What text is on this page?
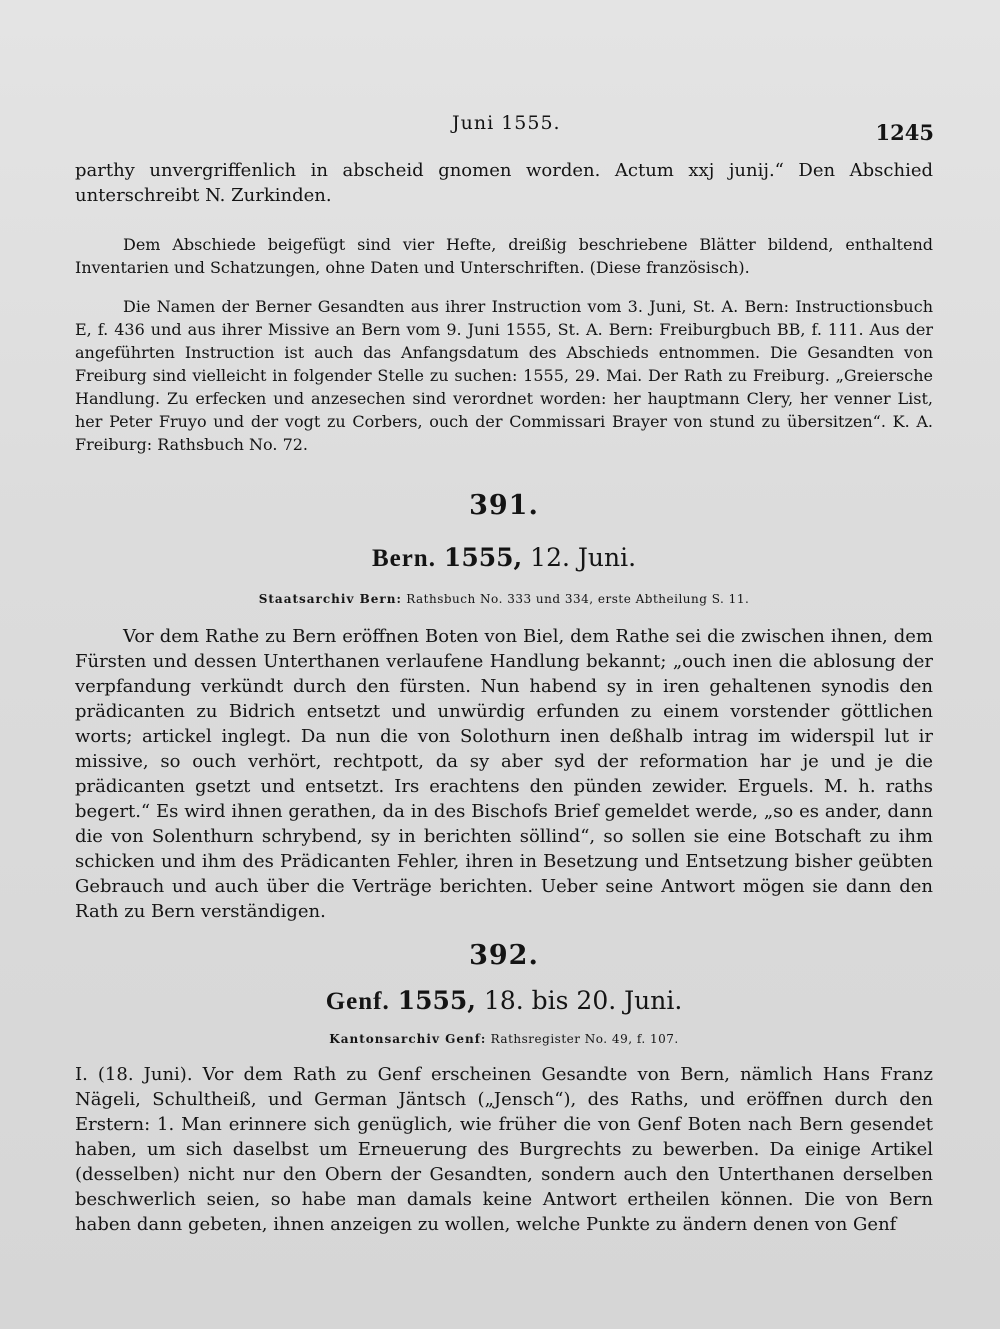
Juni 1555.	1245

parthy unvergriffenlich in abscheid gnomen worden. Actum xxj junij.“ Den Abschied unterschreibt N. Zurkinden.

Dem Abschiede beigefügt sind vier Hefte, dreißig beschriebene Blätter bildend, enthaltend Inventarien und Schatzungen, ohne Daten und Unterschriften. (Diese französisch).

Die Namen der Berner Gesandten aus ihrer Instruction vom 3. Juni, St. A. Bern: Instructionsbuch E, f. 436 und aus ihrer Missive an Bern vom 9. Juni 1555, St. A. Bern: Freiburgbuch BB, f. 111. Aus der angeführten Instruction ist auch das Anfangsdatum des Abschieds entnommen. Die Gesandten von Freiburg sind vielleicht in folgender Stelle zu suchen: 1555, 29. Mai. Der Rath zu Freiburg. „Greiersche Handlung. Zu erfecken und anzesechen sind verordnet worden: her hauptmann Clery, her venner List, her Peter Fruyo und der vogt zu Corbers, ouch der Commissari Brayer von stund zu übersitzen“. K. A. Freiburg: Rathsbuch No. 72.

391.
Bern. 1555, 12. Juni.
Staatsarchiv Bern: Rathsbuch No. 333 und 334, erste Abtheilung S. 11.

Vor dem Rathe zu Bern eröffnen Boten von Biel, dem Rathe sei die zwischen ihnen, dem Fürsten und dessen Unterthanen verlaufene Handlung bekannt; „ouch inen die ablosung der verpfandung verkündt durch den fürsten. Nun habend sy in iren gehaltenen synodis den prädicanten zu Bidrich entsetzt und unwürdig erfunden zu einem vorstender göttlichen worts; artickel inglegt. Da nun die von Solothurn inen deßhalb intrag im widerspil lut ir missive, so ouch verhört, rechtpott, da sy aber syd der reformation har je und je die prädicanten gsetzt und entsetzt. Irs erachtens den pünden zewider. Erguels. M. h. raths begert.“ Es wird ihnen gerathen, da in des Bischofs Brief gemeldet werde, „so es ander, dann die von Solenthurn schrybend, sy in berichten söllind“, so sollen sie eine Botschaft zu ihm schicken und ihm des Prädicanten Fehler, ihren in Besetzung und Entsetzung bisher geübten Gebrauch und auch über die Verträge berichten. Ueber seine Antwort mögen sie dann den Rath zu Bern verständigen.

392.
Genf. 1555, 18. bis 20. Juni.
Kantonsarchiv Genf: Rathsregister No. 49, f. 107.

I. (18. Juni). Vor dem Rath zu Genf erscheinen Gesandte von Bern, nämlich Hans Franz Nägeli, Schultheiß, und German Jäntsch („Jensch“), des Raths, und eröffnen durch den Erstern: 1. Man erinnere sich genüglich, wie früher die von Genf Boten nach Bern gesendet haben, um sich daselbst um Erneuerung des Burgrechts zu bewerben. Da einige Artikel (desselben) nicht nur den Obern der Gesandten, sondern auch den Unterthanen derselben beschwerlich seien, so habe man damals keine Antwort ertheilen können. Die von Bern haben dann gebeten, ihnen anzeigen zu wollen, welche Punkte zu ändern denen von Genf
